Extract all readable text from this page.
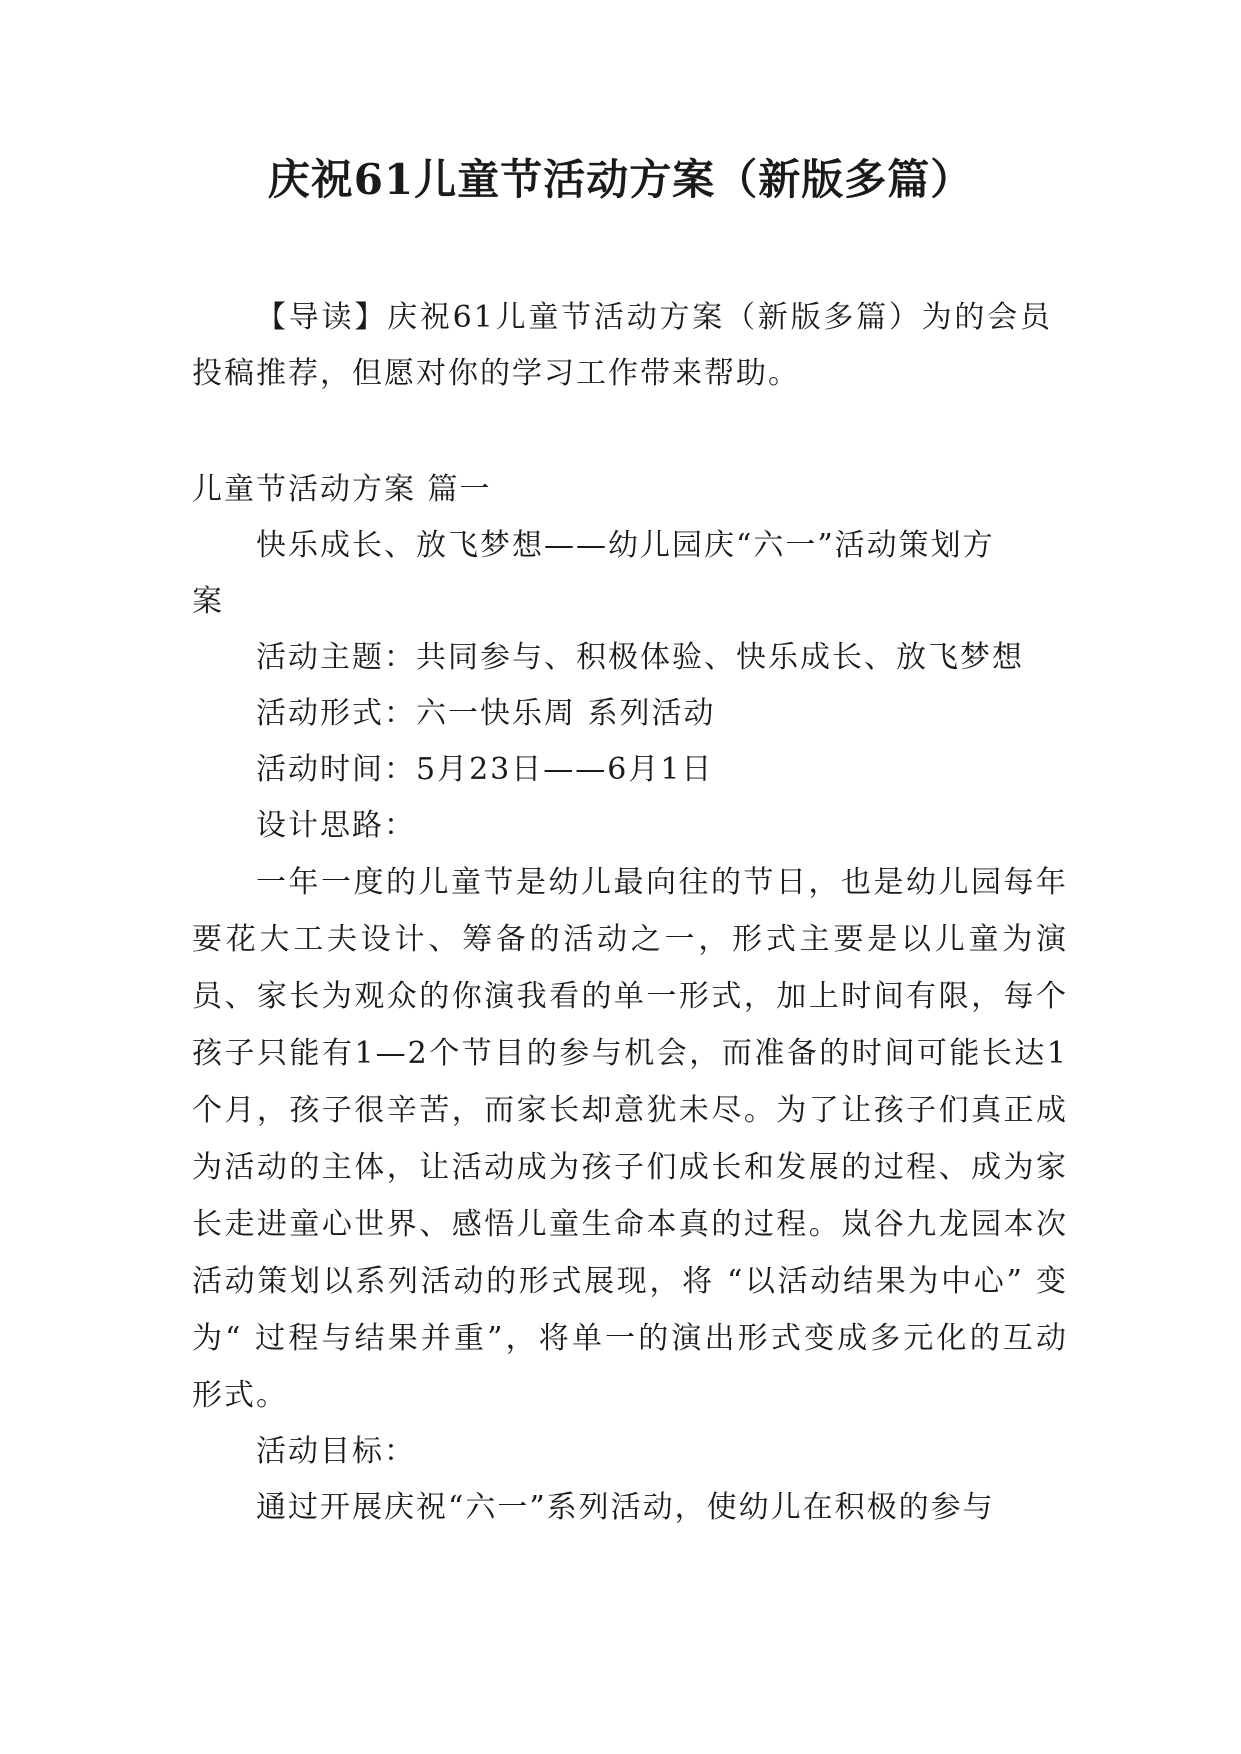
庆祝61儿童节活动方案（新版多篇）
【导读】庆祝61儿童节活动方案（新版多篇）为的会员投稿推荐，但愿对你的学习工作带来帮助。
儿童节活动方案 篇一
快乐成长、放飞梦想——幼儿园庆“六一”活动策划方
案
活动主题：共同参与、积极体验、快乐成长、放飞梦想
活动形式：六一快乐周 系列活动
活动时间：5月23日——6月1日
设计思路：
一年一度的儿童节是幼儿最向往的节日，也是幼儿园每年要花大工夫设计、筹备的活动之一，形式主要是以儿童为演员、家长为观众的你演我看的单一形式，加上时间有限，每个孩子只能有1—2个节目的参与机会，而准备的时间可能长达1个月，孩子很辛苦，而家长却意犹未尽。为了让孩子们真正成为活动的主体，让活动成为孩子们成长和发展的过程、成为家长走进童心世界、感悟儿童生命本真的过程。岚谷九龙园本次活动策划以系列活动的形式展现，将 “以活动结果为中心” 变为“ 过程与结果并重”，将单一的演出形式变成多元化的互动形式。
活动目标：
通过开展庆祝“六一”系列活动，使幼儿在积极的参与
